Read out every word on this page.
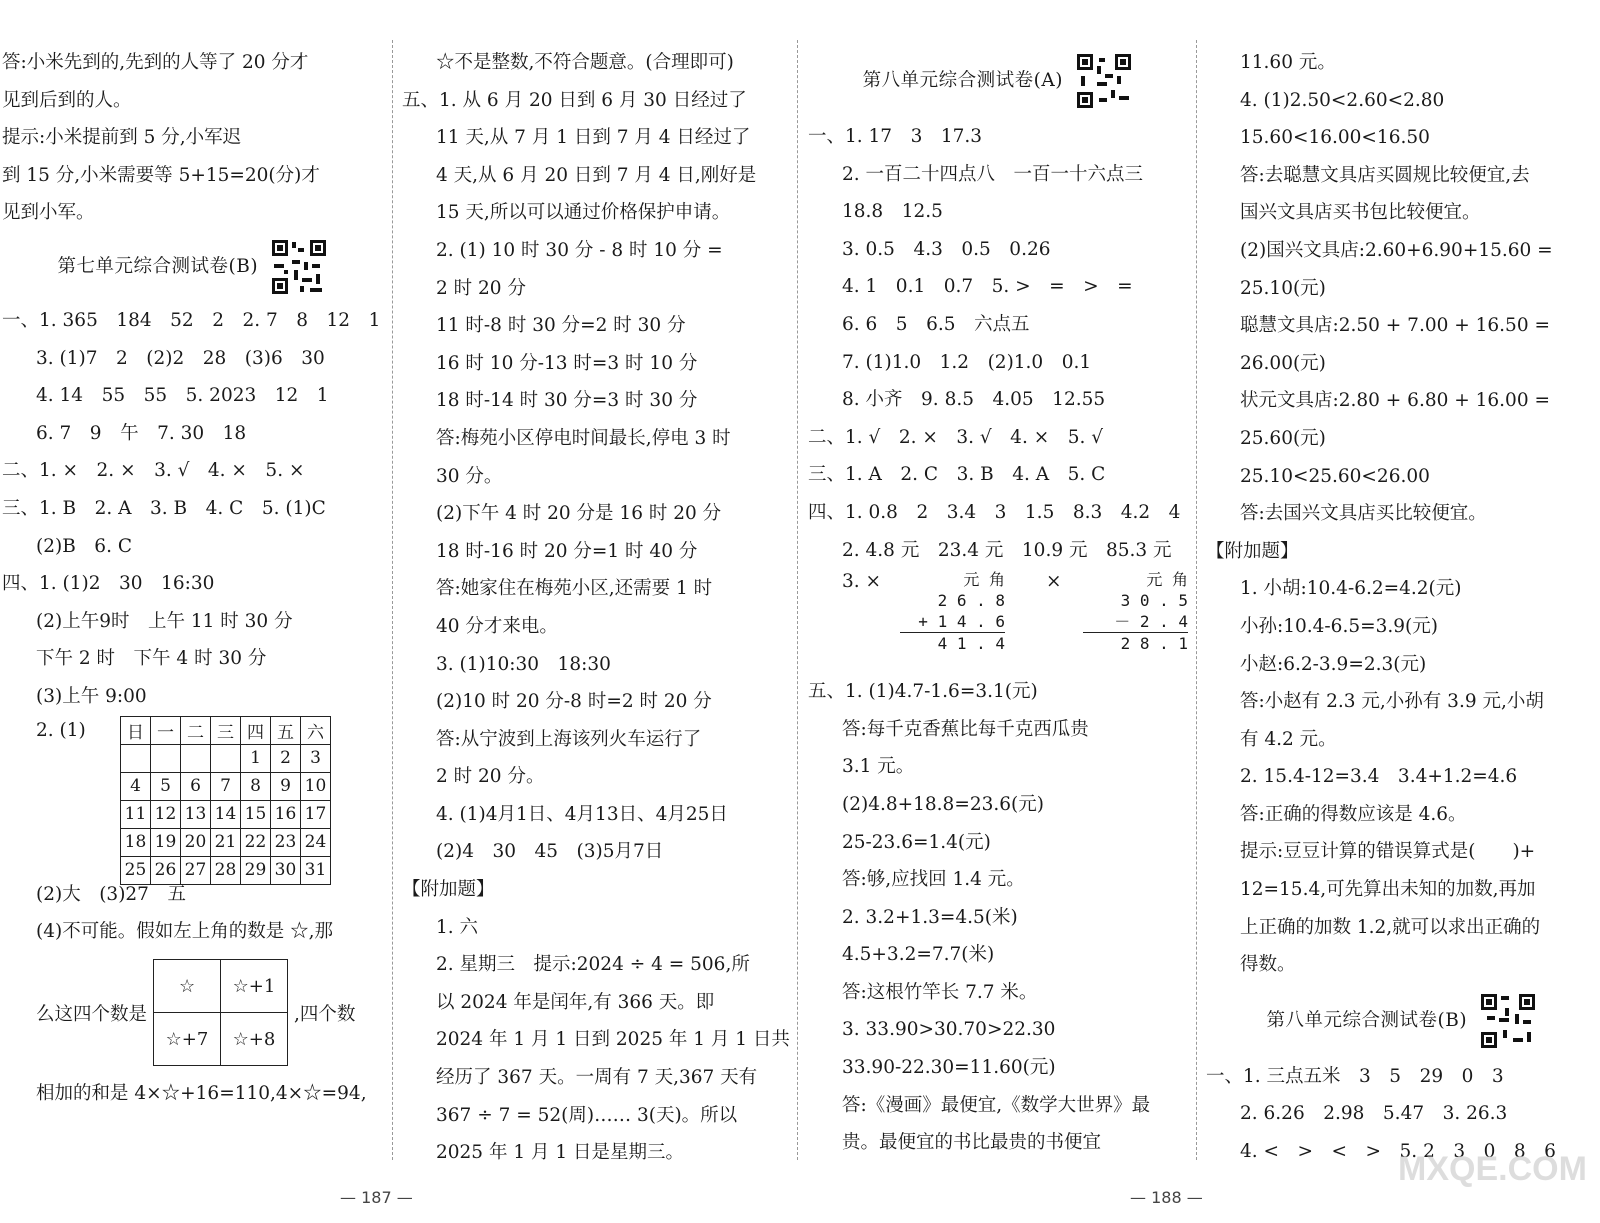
答:小米先到的,先到的人等了 20 分才
见到后到的人。
提示:小米提前到 5 分,小军迟
到 15 分,小米需要等 5+15=20(分)才
见到小军。
第七单元综合测试卷(B)
一、1. 365　184　52　2　2. 7　8　12　1
3. (1)7　2　(2)2　28　(3)6　30
4. 14　55　55　5. 2023　12　1
6. 7　9　午　7. 30　18
二、1. ×　2. ×　3. √　4. ×　5. ×
三、1. B　2. A　3. B　4. C　5. (1)C
(2)B　6. C
四、1. (1)2　30　16:30
(2)上午9时　上午 11 时 30 分
下午 2 时　下午 4 时 30 分
(3)上午 9:00
2. (1)	日	一	二	三	四	五	六
				1	2	3
4	5	6	7	8	9	10
11	12	13	14	15	16	17
18	19	20	21	22	23	24
25	26	27	28	29	30	31
(2)大　(3)27　五
(4)不可能。假如左上角的数是 ☆,那
么这四个数是
☆	☆+1
☆+7	☆+8
,四个数
相加的和是 4×☆+16=110,4×☆=94,
☆不是整数,不符合题意。(合理即可)
五、1. 从 6 月 20 日到 6 月 30 日经过了
11 天,从 7 月 1 日到 7 月 4 日经过了
4 天,从 6 月 20 日到 7 月 4 日,刚好是
15 天,所以可以通过价格保护申请。
2. (1) 10 时 30 分 - 8 时 10 分 =
2 时 20 分
11 时-8 时 30 分=2 时 30 分
16 时 10 分-13 时=3 时 10 分
18 时-14 时 30 分=3 时 30 分
答:梅苑小区停电时间最长,停电 3 时
30 分。
(2)下午 4 时 20 分是 16 时 20 分
18 时-16 时 20 分=1 时 40 分
答:她家住在梅苑小区,还需要 1 时
40 分才来电。
3. (1)10:30　18:30
(2)10 时 20 分-8 时=2 时 20 分
答:从宁波到上海该列火车运行了
2 时 20 分。
4. (1)4月1日、4月13日、4月25日
(2)4　30　45　(3)5月7日
【附加题】
1. 六
2. 星期三　提示:2024 ÷ 4 = 506,所
以 2024 年是闰年,有 366 天。即
2024 年 1 月 1 日到 2025 年 1 月 1 日共
经历了 367 天。一周有 7 天,367 天有
367 ÷ 7 = 52(周)…… 3(天)。所以
2025 年 1 月 1 日是星期三。
第八单元综合测试卷(A)
一、1. 17　3　17.3
2. 一百二十四点八　一百一十六点三
18.8　12.5
3. 0.5　4.3　0.5　0.26
4. 1　0.1　0.7　5. >　=　>　=
6. 6　5　6.5　六点五
7. (1)1.0　1.2　(2)1.0　0.1
8. 小齐　9. 8.5　4.05　12.55
二、1. √　2. ×　3. √　4. ×　5. √
三、1. A　2. C　3. B　4. A　5. C
四、1. 0.8　2　3.4　3　1.5　8.3　4.2　4
2. 4.8 元　23.4 元　10.9 元　85.3 元
3. ×	元 角
2 6 . 8
+ 1 4 . 6
4 1 . 4
×	元 角
3 0 . 5
－ 2 . 4
2 8 . 1
五、1. (1)4.7-1.6=3.1(元)
答:每千克香蕉比每千克西瓜贵
3.1 元。
(2)4.8+18.8=23.6(元)
25-23.6=1.4(元)
答:够,应找回 1.4 元。
2. 3.2+1.3=4.5(米)
4.5+3.2=7.7(米)
答:这根竹竿长 7.7 米。
3. 33.90>30.70>22.30
33.90-22.30=11.60(元)
答:《漫画》最便宜,《数学大世界》最
贵。最便宜的书比最贵的书便宜
11.60 元。
4. (1)2.50<2.60<2.80
15.60<16.00<16.50
答:去聪慧文具店买圆规比较便宜,去
国兴文具店买书包比较便宜。
(2)国兴文具店:2.60+6.90+15.60 =
25.10(元)
聪慧文具店:2.50 + 7.00 + 16.50 =
26.00(元)
状元文具店:2.80 + 6.80 + 16.00 =
25.60(元)
25.10<25.60<26.00
答:去国兴文具店买比较便宜。
【附加题】
1. 小胡:10.4-6.2=4.2(元)
小孙:10.4-6.5=3.9(元)
小赵:6.2-3.9=2.3(元)
答:小赵有 2.3 元,小孙有 3.9 元,小胡
有 4.2 元。
2. 15.4-12=3.4　3.4+1.2=4.6
答:正确的得数应该是 4.6。
提示:豆豆计算的错误算式是(　　)+
12=15.4,可先算出未知的加数,再加
上正确的加数 1.2,就可以求出正确的
得数。
第八单元综合测试卷(B)
一、1. 三点五米　3　5　29　0　3
2. 6.26　2.98　5.47　3. 26.3
4. <　>　<　>　5. 2　3　0　8　6
— 187 —	— 188 —
MXQE.COM
